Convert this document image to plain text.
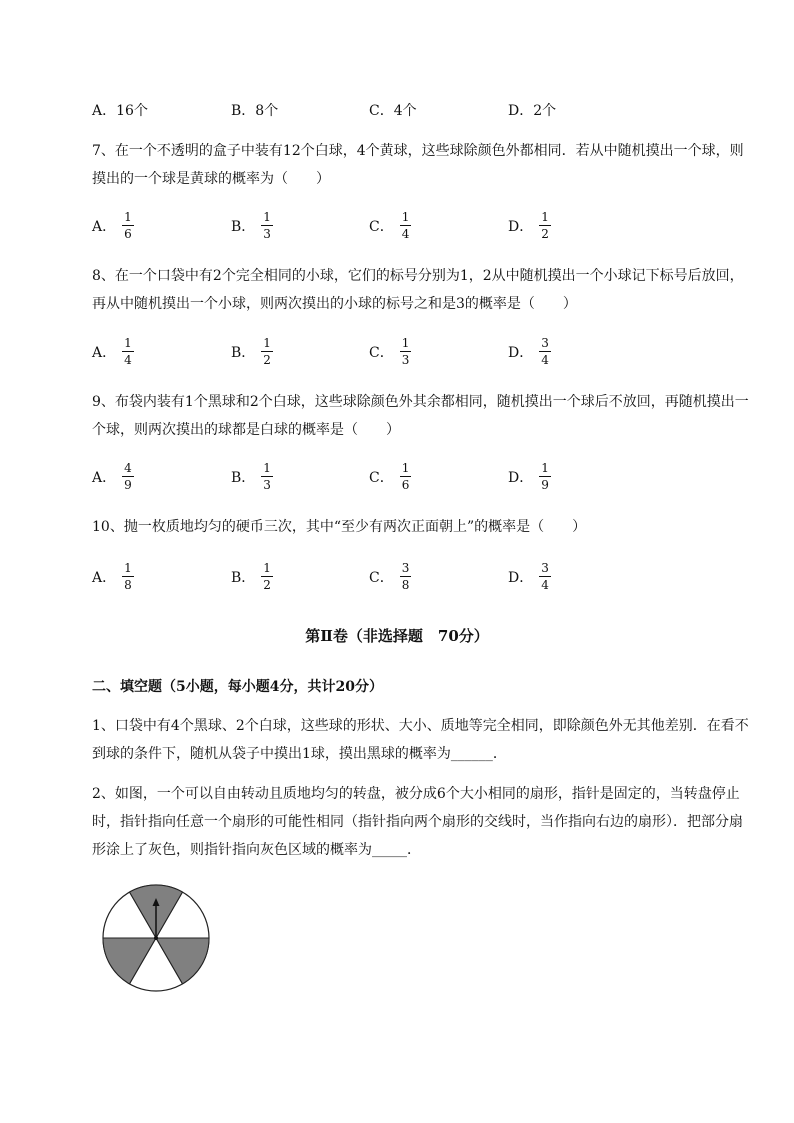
A． 16个	B． 8个	C． 4个	D． 2个
7、在一个不透明的盒子中装有12个白球，4个黄球，这些球除颜色外都相同．若从中随机摸出一个球，则摸出的一个球是黄球的概率为（　　）
A． $\frac{1}{6}$	B． $\frac{1}{3}$	C． $\frac{1}{4}$	D． $\frac{1}{2}$
8、在一个口袋中有2个完全相同的小球，它们的标号分别为1，2从中随机摸出一个小球记下标号后放回，再从中随机摸出一个小球，则两次摸出的小球的标号之和是3的概率是（　　）
A． $\frac{1}{4}$	B． $\frac{1}{2}$	C． $\frac{1}{3}$	D． $\frac{3}{4}$
9、布袋内装有1个黑球和2个白球，这些球除颜色外其余都相同，随机摸出一个球后不放回，再随机摸出一个球，则两次摸出的球都是白球的概率是（　　）
A． $\frac{4}{9}$	B． $\frac{1}{3}$	C． $\frac{1}{6}$	D． $\frac{1}{9}$
10、抛一枚质地均匀的硬币三次，其中“至少有两次正面朝上”的概率是（　　）
A． $\frac{1}{8}$	B． $\frac{1}{2}$	C． $\frac{3}{8}$	D． $\frac{3}{4}$
第Ⅱ卷（非选择题　70分）
二、填空题（5小题，每小题4分，共计20分）
1、口袋中有4个黑球、2个白球，这些球的形状、大小、质地等完全相同，即除颜色外无其他差别．在看不到球的条件下，随机从袋子中摸出1球，摸出黑球的概率为______．
2、如图，一个可以自由转动且质地均匀的转盘，被分成6个大小相同的扇形，指针是固定的，当转盘停止时，指针指向任意一个扇形的可能性相同（指针指向两个扇形的交线时，当作指向右边的扇形）．把部分扇形涂上了灰色，则指针指向灰色区域的概率为_____．
